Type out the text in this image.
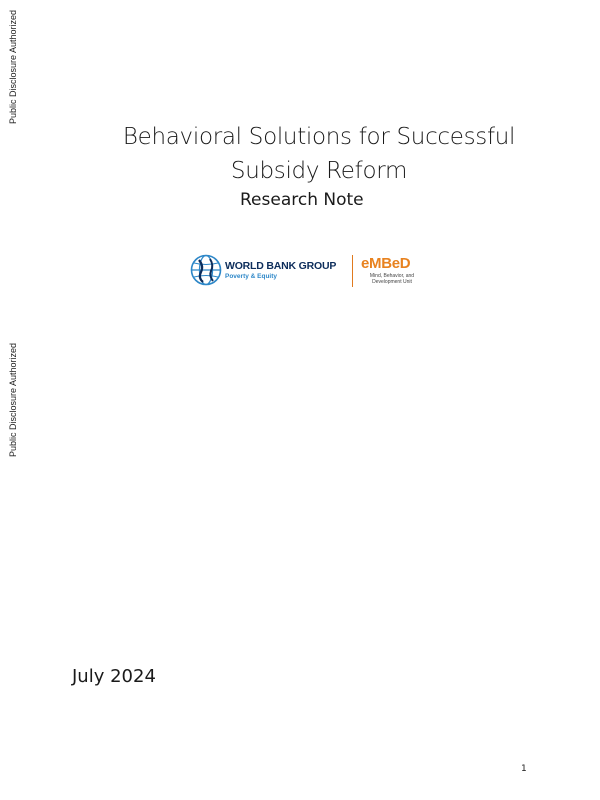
Public Disclosure Authorized
Public Disclosure Authorized
Behavioral Solutions for Successful
Subsidy Reform
Research Note
WORLD BANK GROUP
Poverty & Equity
eMBeD
Mind, Behavior, and Development Unit
July 2024
1
